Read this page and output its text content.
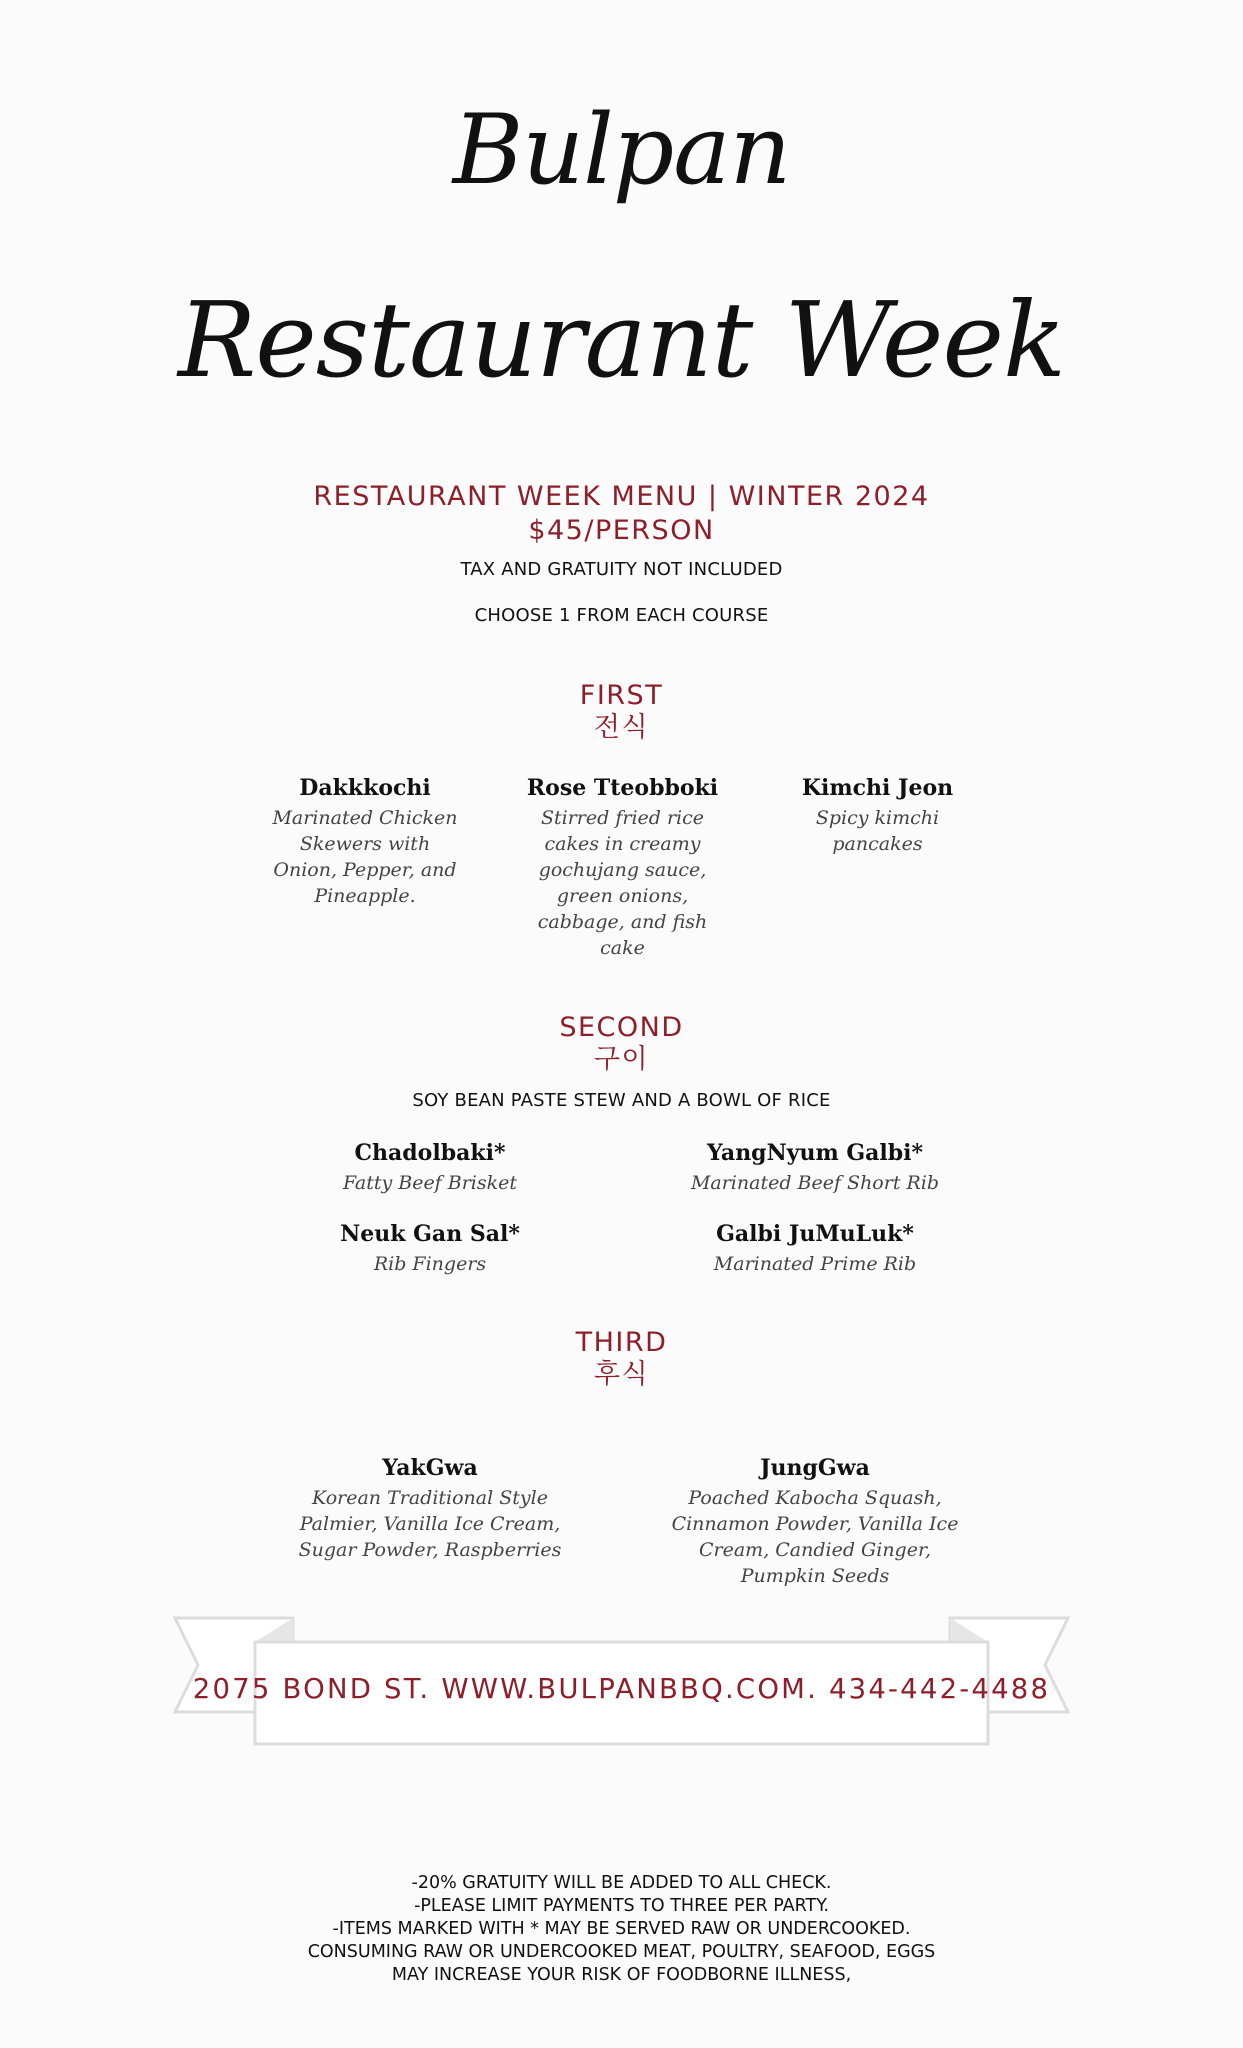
Bulpan
Restaurant Week
RESTAURANT WEEK MENU | WINTER 2024
$45/PERSON
TAX AND GRATUITY NOT INCLUDED
CHOOSE 1 FROM EACH COURSE
FIRST
전식
Dakkkochi
Marinated Chicken Skewers with Onion, Pepper, and Pineapple.
Rose Tteobboki
Stirred fried rice cakes in creamy gochujang sauce, green onions, cabbage, and fish cake
Kimchi Jeon
Spicy kimchi pancakes
SECOND
구이
SOY BEAN PASTE STEW AND A BOWL OF RICE
Chadolbaki*
Fatty Beef Brisket
YangNyum Galbi*
Marinated Beef Short Rib
Neuk Gan Sal*
Rib Fingers
Galbi JuMuLuk*
Marinated Prime Rib
THIRD
후식
YakGwa
Korean Traditional Style Palmier, Vanilla Ice Cream, Sugar Powder, Raspberries
JungGwa
Poached Kabocha Squash, Cinnamon Powder, Vanilla Ice Cream, Candied Ginger, Pumpkin Seeds
2075 BOND ST. WWW.BULPANBBQ.COM. 434-442-4488
-20% GRATUITY WILL BE ADDED TO ALL CHECK.
-PLEASE LIMIT PAYMENTS TO THREE PER PARTY.
-ITEMS MARKED WITH * MAY BE SERVED RAW OR UNDERCOOKED.
CONSUMING RAW OR UNDERCOOKED MEAT, POULTRY, SEAFOOD, EGGS
MAY INCREASE YOUR RISK OF FOODBORNE ILLNESS,
